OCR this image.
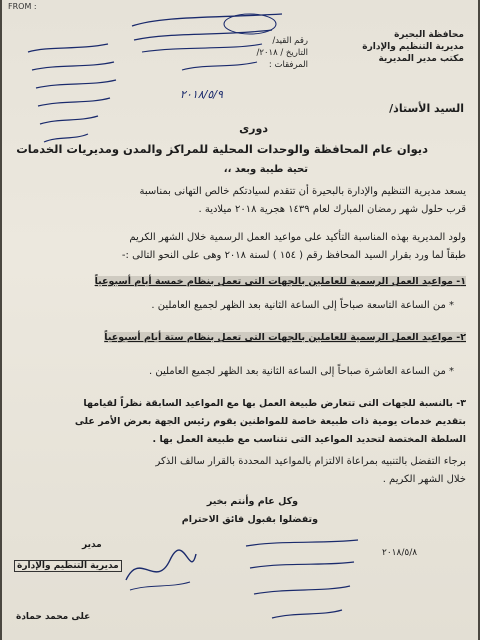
FROM :
محافظة البحيرة
مديرية التنظيم والإدارة
مكتب مدير المديرية
رقم القيد/
التاريخ / ٢٠١٨/
المرفقات :
٢٠١٨/٥/٩
السيد الأستاذ/
دورى
ديوان عام المحافظة والوحدات المحلية للمراكز والمدن ومديريات الخدمات
تحية طيبة وبعد ،،
يسعد مديرية التنظيم والإدارة بالبحيرة أن تتقدم لسيادتكم خالص التهانى بمناسبة
قرب حلول شهر رمضان المبارك لعام ١٤٣٩ هجرية ٢٠١٨ ميلادية .
ولود المديرية بهذه المناسبة التأكيد على مواعيد العمل الرسمية خلال الشهر الكريم
طبقاً لما ورد بقرار السيد المحافظ رقم ( ١٥٤ ) لسنة ٢٠١٨ وهى على النحو التالى :-
١- مواعيد العمل الرسمية للعاملين بالجهات التى تعمل بنظام خمسة أيام أسبوعياً
* من الساعة التاسعة صباحاً إلى الساعة الثانية بعد الظهر لجميع العاملين .
٢- مواعيد العمل الرسمية للعاملين بالجهات التى تعمل بنظام ستة أيام أسبوعياً
* من الساعة العاشرة صباحاً إلى الساعة الثانية بعد الظهر لجميع العاملين .
٣- بالنسبة للجهات التى تتعارض طبيعة العمل بها مع المواعيد السابقة نظراً لقيامها
بتقديم خدمات يومية ذات طبيعة خاصة للمواطنين يقوم رئيس الجهة بعرض الأمر على
السلطة المختصة لتحديد المواعيد التى تتناسب مع طبيعة العمل بها .
برجاء التفضل بالتنبيه بمراعاة الالتزام بالمواعيد المحددة بالقرار سالف الذكر
خلال الشهر الكريم .
وكل عام وأنتم بخير
وتفضلوا بقبول فائق الاحترام
مدير
مديرية التنظيم والإدارة
على محمد حمادة
٢٠١٨/٥/٨
